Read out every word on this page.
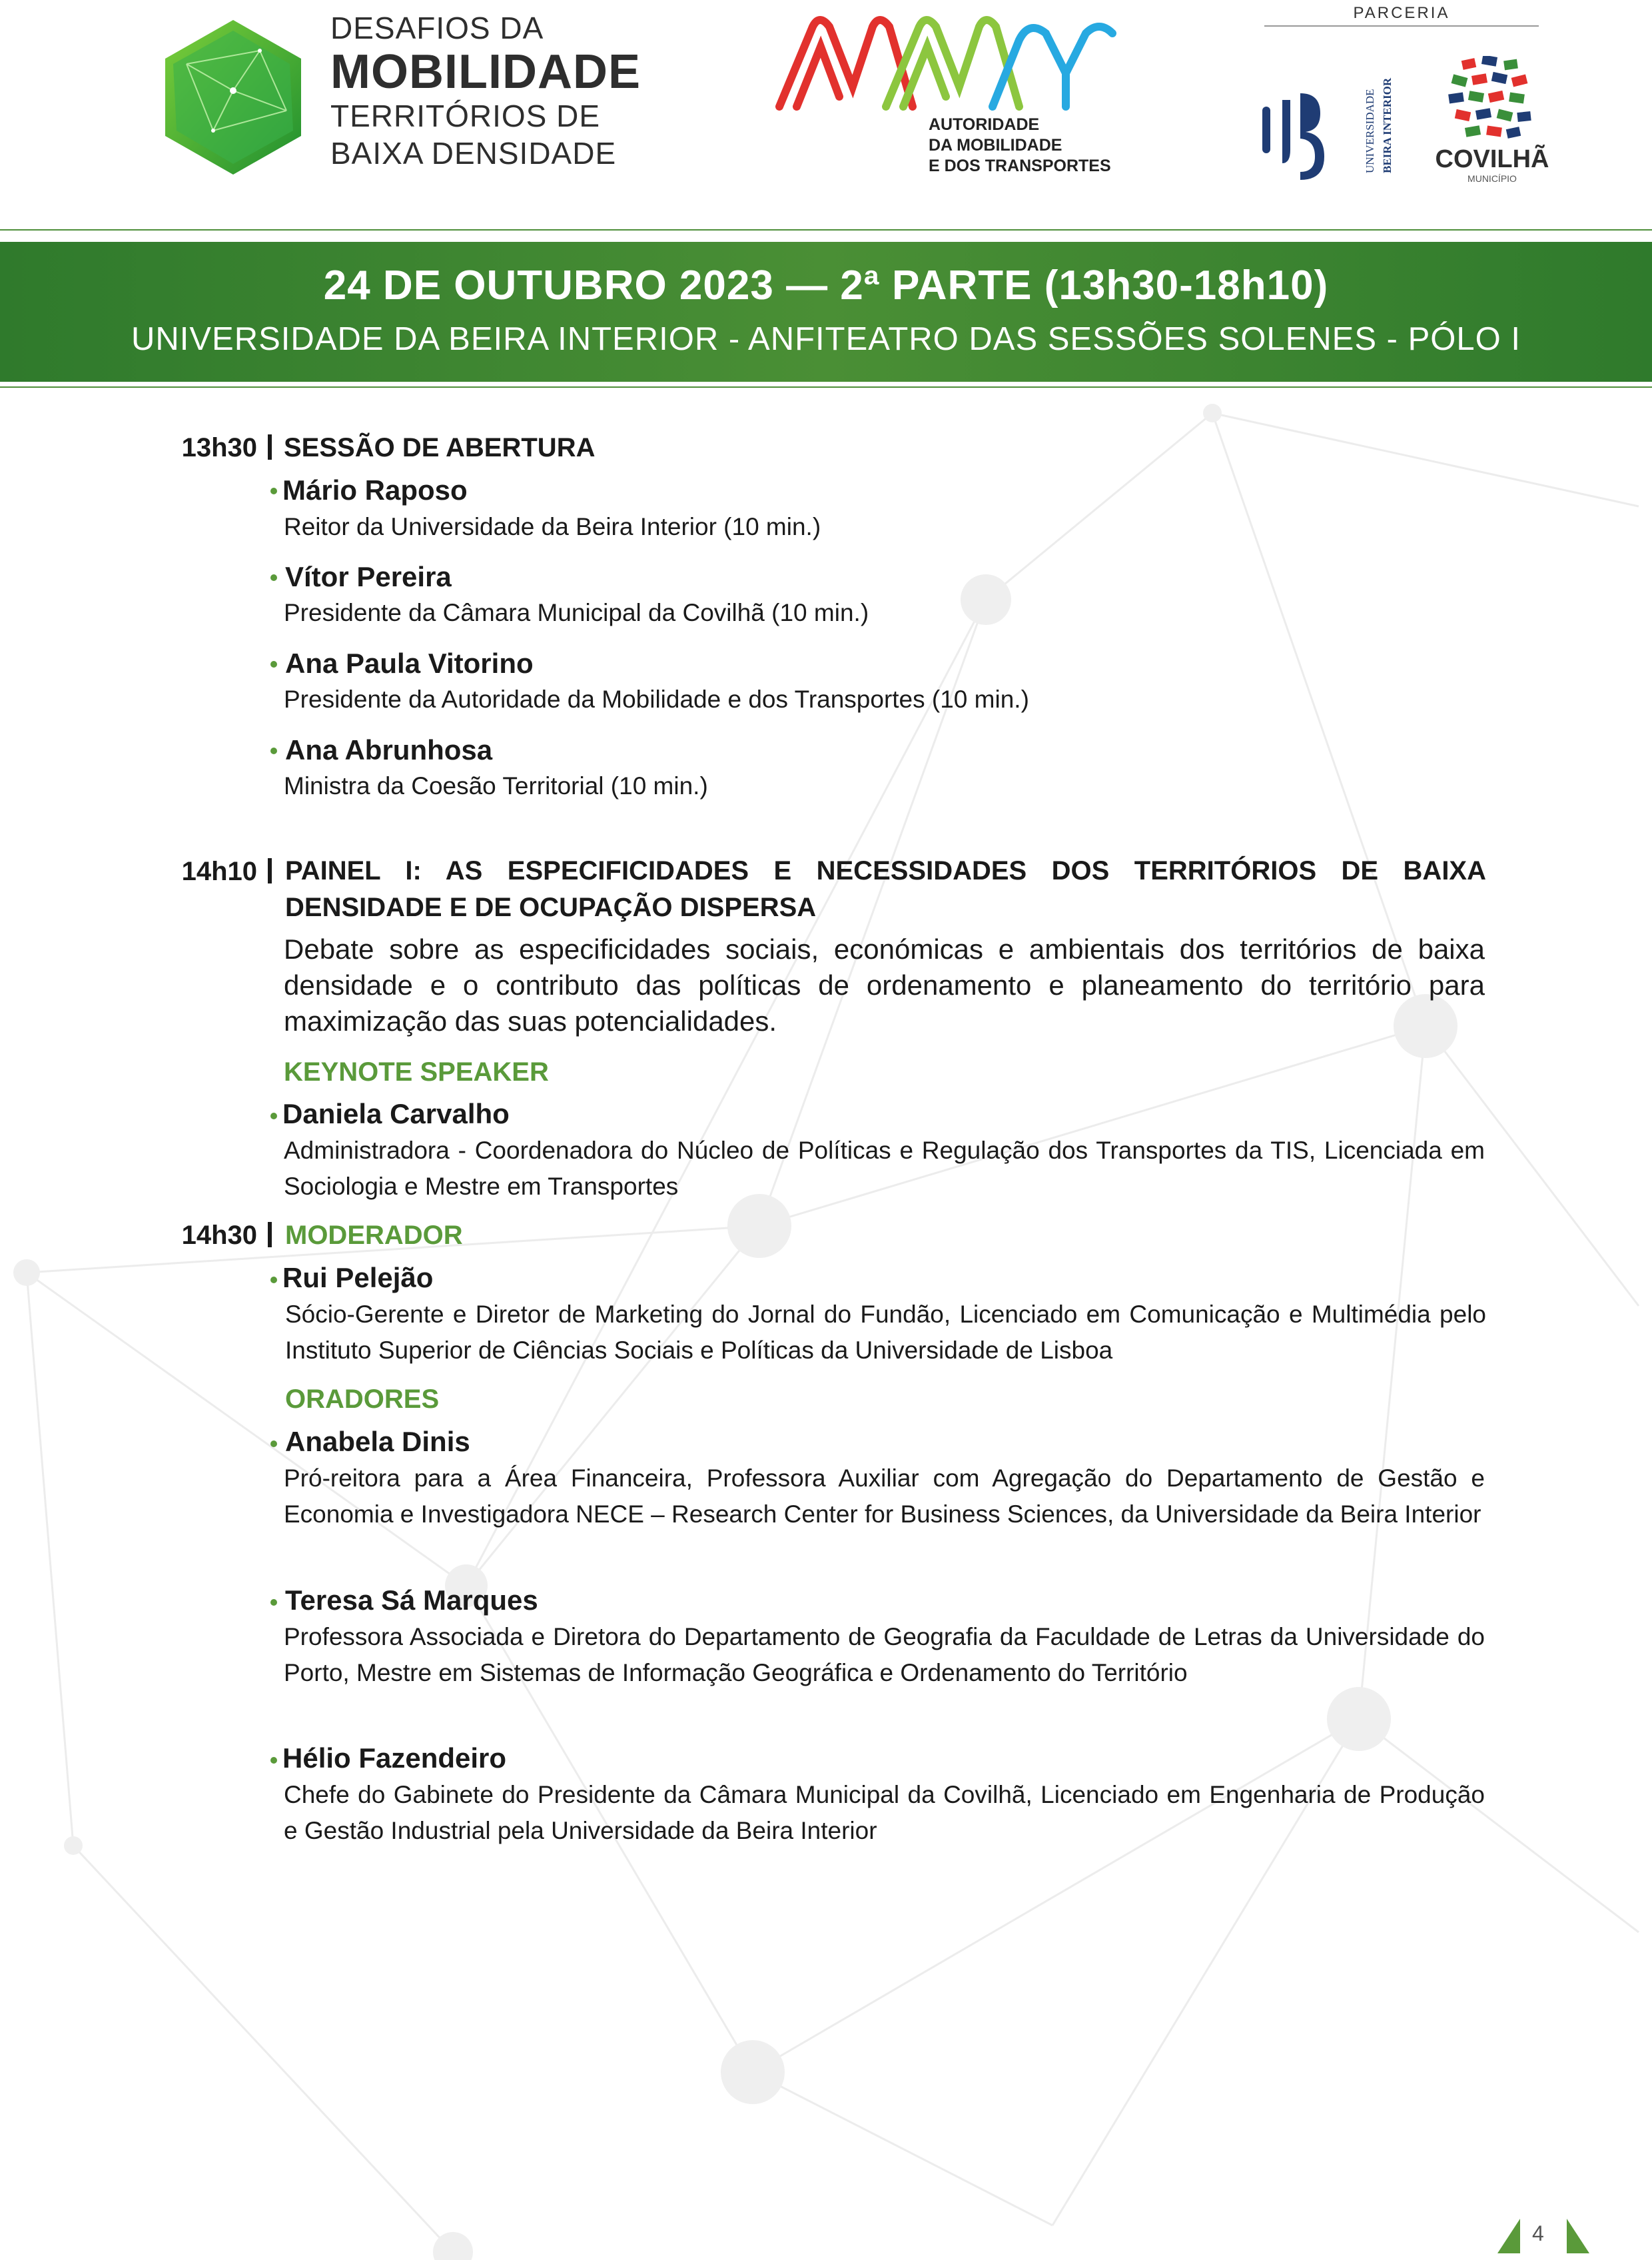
DESAFIOS DA
MOBILIDADE
TERRITÓRIOS DE
BAIXA DENSIDADE
AUTORIDADE
DA MOBILIDADE
E DOS TRANSPORTES
PARCERIA
UNIVERSIDADE BEIRA INTERIOR COVILHÃ
MUNICÍPIO
24 DE OUTUBRO 2023 — 2ª PARTE (13h30-18h10)
UNIVERSIDADE DA BEIRA INTERIOR - ANFITEATRO DAS SESSÕES SOLENES - PÓLO I
13h30 SESSÃO DE ABERTURA
Mário Raposo
Reitor da Universidade da Beira Interior (10 min.)
Vítor Pereira
Presidente da Câmara Municipal da Covilhã (10 min.)
Ana Paula Vitorino
Presidente da Autoridade da Mobilidade e dos Transportes (10 min.)
Ana Abrunhosa
Ministra da Coesão Territorial (10 min.)
14h10 PAINEL I: AS ESPECIFICIDADES E NECESSIDADES DOS TERRITÓRIOS DE BAIXA DENSIDADE E DE OCUPAÇÃO DISPERSA
Debate sobre as especificidades sociais, económicas e ambientais dos territórios de baixa densidade e o contributo das políticas de ordenamento e planeamento do território para maximização das suas potencialidades.
KEYNOTE SPEAKER
Daniela Carvalho
Administradora - Coordenadora do Núcleo de Políticas e Regulação dos Transportes da TIS, Licenciada em Sociologia e Mestre em Transportes
14h30 MODERADOR
Rui Pelejão
Sócio-Gerente e Diretor de Marketing do Jornal do Fundão, Licenciado em Comunicação e Multimédia pelo Instituto Superior de Ciências Sociais e Políticas da Universidade de Lisboa
ORADORES
Anabela Dinis
Pró-reitora para a Área Financeira, Professora Auxiliar com Agregação do Departamento de Gestão e Economia e Investigadora NECE – Research Center for Business Sciences, da Universidade da Beira Interior
Teresa Sá Marques
Professora Associada e Diretora do Departamento de Geografia da Faculdade de Letras da Universidade do Porto, Mestre em Sistemas de Informação Geográfica e Ordenamento do Território
Hélio Fazendeiro
Chefe do Gabinete do Presidente da Câmara Municipal da Covilhã, Licenciado em Engenharia de Produção e Gestão Industrial pela Universidade da Beira Interior
4
